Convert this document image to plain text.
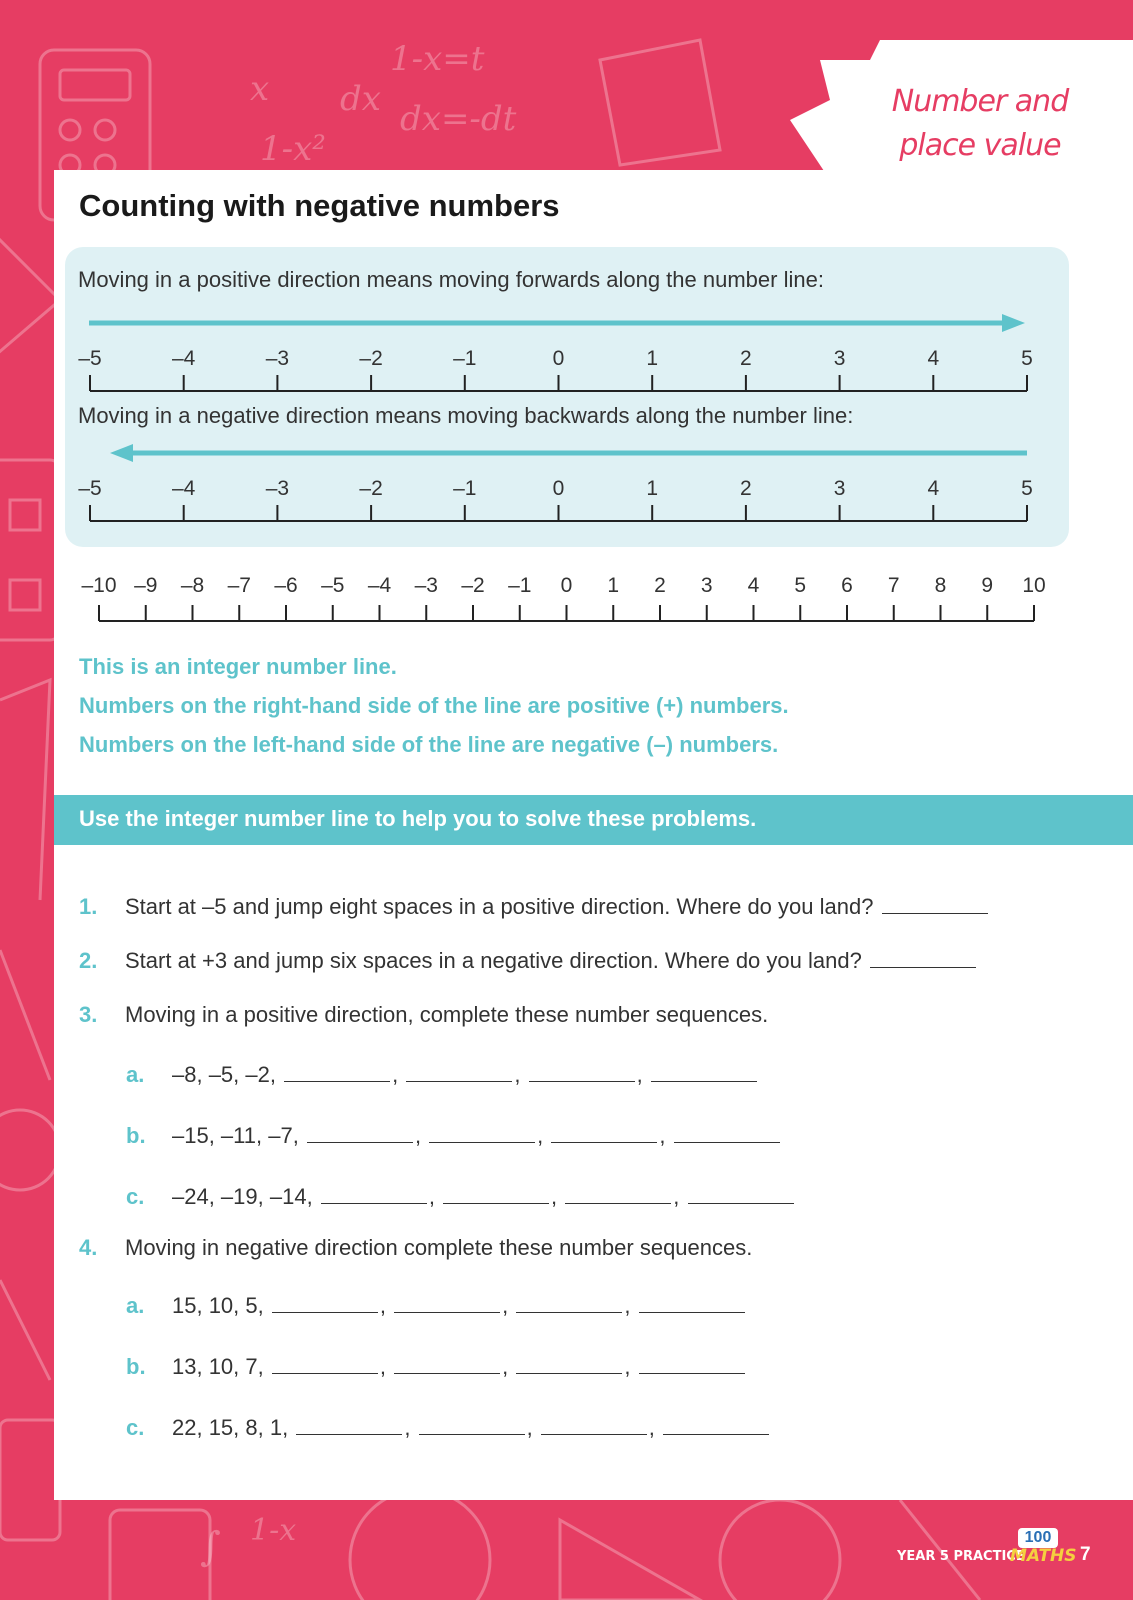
x dx
1-x=t
dx=-dt
1-x²
∫ 1-x
Number and
place value
Counting with negative numbers
Moving in a positive direction means moving forwards along the number line:
Moving in a negative direction means moving backwards along the number line:
–5	–4	–3	–2	–1	0	1	2	3	4	5
–5	–4	–3	–2	–1	0	1	2	3	4	5
–10 –9 –8 –7 –6 –5 –4 –3 –2 –1 0 1 2 3 4 5 6 7 8 9 10
This is an integer number line.
Numbers on the right-hand side of the line are positive (+) numbers.
Numbers on the left-hand side of the line are negative (–) numbers.
Use the integer number line to help you to solve these problems.
1. Start at –5 and jump eight spaces in a positive direction. Where do you land?
2. Start at +3 and jump six spaces in a negative direction. Where do you land?
3. Moving in a positive direction, complete these number sequences.
a. –8, –5, –2,	,	,	,
b. –15, –11, –7,	,	,	,
c. –24, –19, –14,	,	,	,
4. Moving in negative direction complete these number sequences.
a. 15, 10, 5,	,	,	,
b. 13, 10, 7,	,	,	,
c. 22, 15, 8, 1,	,	,	,
YEAR 5 PRACTICE
100
MATHS 7
